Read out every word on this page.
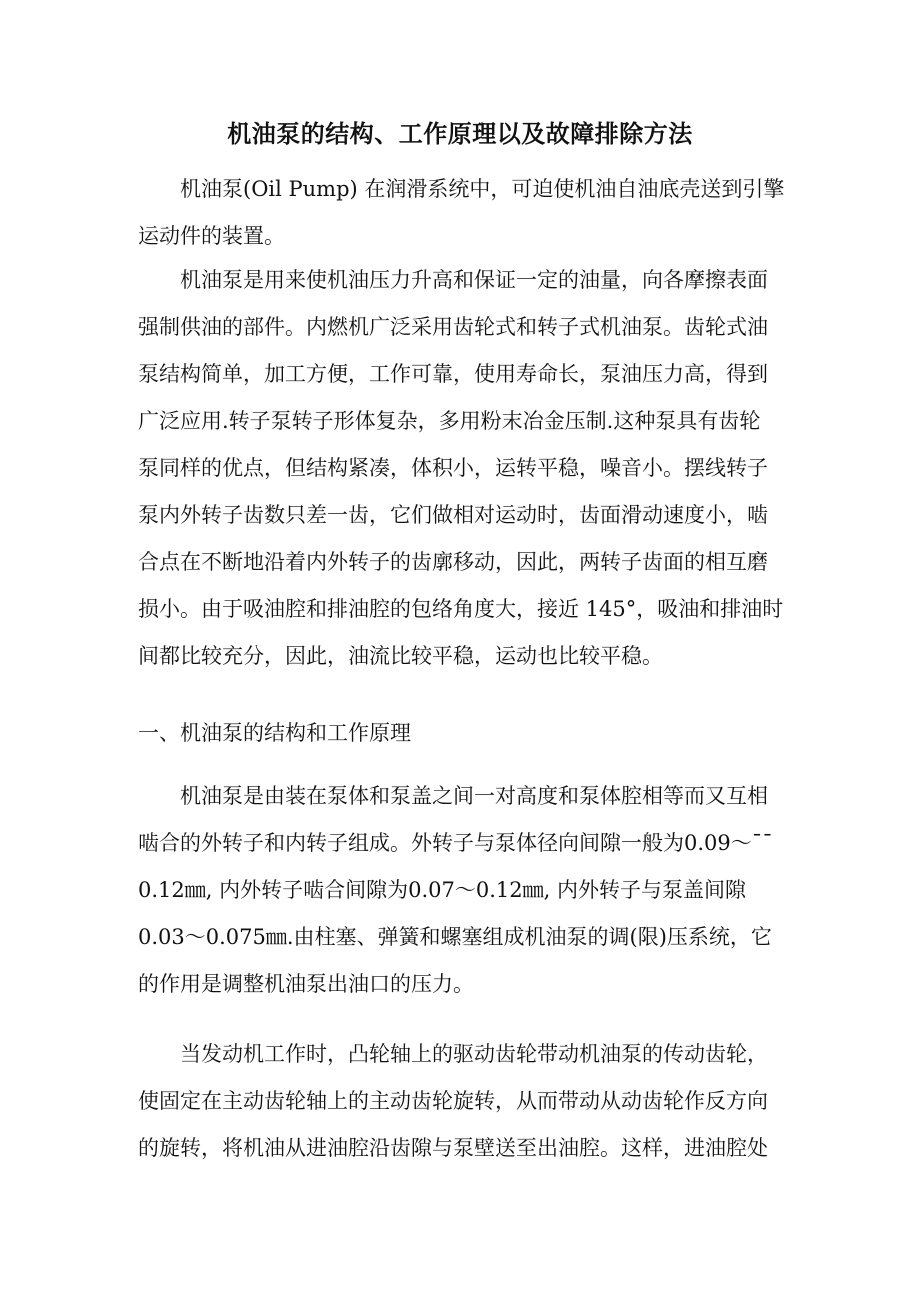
机油泵的结构、工作原理以及故障排除方法
机油泵(Oil Pump) 在润滑系统中，可迫使机油自油底壳送到引擎
运动件的装置。
机油泵是用来使机油压力升高和保证一定的油量，向各摩擦表面
强制供油的部件。内燃机广泛采用齿轮式和转子式机油泵。齿轮式油
泵结构简单，加工方便，工作可靠，使用寿命长，泵油压力高，得到
广泛应用.转子泵转子形体复杂，多用粉末冶金压制.这种泵具有齿轮
泵同样的优点，但结构紧凑，体积小，运转平稳，噪音小。摆线转子
泵内外转子齿数只差一齿，它们做相对运动时，齿面滑动速度小，啮
合点在不断地沿着内外转子的齿廓移动，因此，两转子齿面的相互磨
损小。由于吸油腔和排油腔的包络角度大，接近 145°，吸油和排油时
间都比较充分，因此，油流比较平稳，运动也比较平稳。
一、机油泵的结构和工作原理
机油泵是由装在泵体和泵盖之间一对高度和泵体腔相等而又互相
啮合的外转子和内转子组成。外转子与泵体径向间隙一般为0.09～¯¯
0.12㎜, 内外转子啮合间隙为0.07～0.12㎜, 内外转子与泵盖间隙
0.03～0.075㎜.由柱塞、弹簧和螺塞组成机油泵的调(限)压系统，它
的作用是调整机油泵出油口的压力。
当发动机工作时，凸轮轴上的驱动齿轮带动机油泵的传动齿轮，
使固定在主动齿轮轴上的主动齿轮旋转，从而带动从动齿轮作反方向
的旋转，将机油从进油腔沿齿隙与泵壁送至出油腔。这样，进油腔处
